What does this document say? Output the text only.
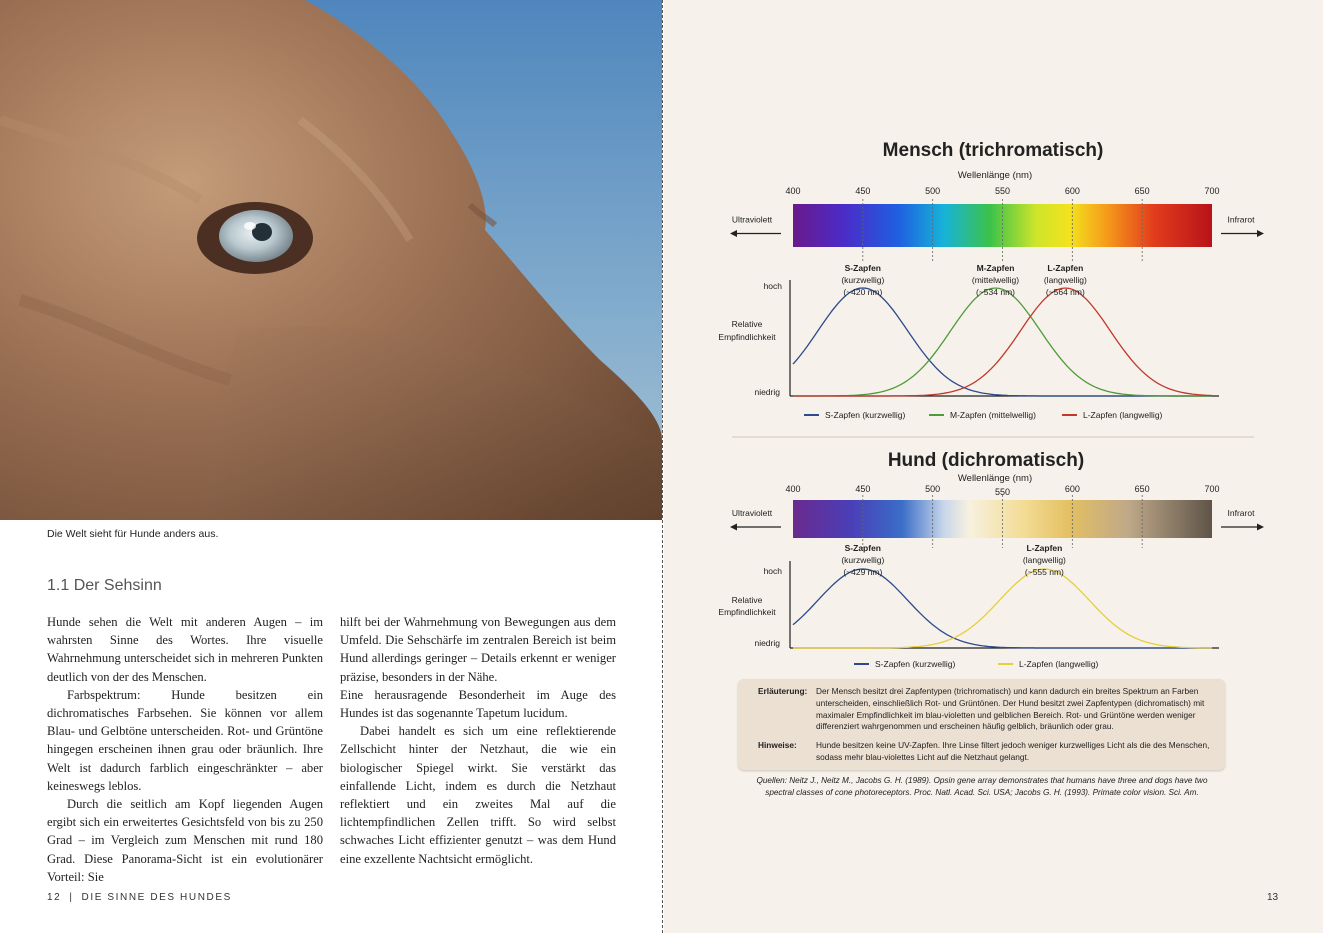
Die Welt sieht für Hunde anders aus.
1.1 Der Sehsinn

Hunde sehen die Welt mit anderen Augen – im wahrsten Sinne des Wortes. Ihre visuelle Wahrnehmung unterscheidet sich in mehreren Punkten deutlich von der des Menschen.

Farbspektrum: Hunde besitzen ein dichromatisches Farbsehen. Sie können vor allem Blau- und Gelbtöne unterscheiden. Rot- und Grüntöne hingegen erscheinen ihnen grau oder bräunlich. Ihre Welt ist dadurch farblich eingeschränkter – aber keineswegs leblos.

Durch die seitlich am Kopf liegenden Augen ergibt sich ein erweitertes Gesichtsfeld von bis zu 250 Grad – im Vergleich zum Menschen mit rund 180 Grad. Diese Panorama-Sicht ist ein evolutionärer Vorteil: Sie

hilft bei der Wahrnehmung von Bewegungen aus dem Umfeld. Die Sehschärfe im zentralen Bereich ist beim Hund allerdings geringer – Details erkennt er weniger präzise, besonders in der Nähe.

Eine herausragende Besonderheit im Auge des Hundes ist das sogenannte Tapetum lucidum.

Dabei handelt es sich um eine reflektierende Zellschicht hinter der Netzhaut, die wie ein biologischer Spiegel wirkt. Sie verstärkt das einfallende Licht, indem es durch die Netzhaut reflektiert und ein zweites Mal auf die lichtempfindlichen Zellen trifft. So wird selbst schwaches Licht effizienter genutzt – was dem Hund eine exzellente Nachtsicht ermöglicht.

12 | DIE SINNE DES HUNDES
Mensch (trichromatisch)
Wellenlänge (nm)
400	450	500	550	600	650	700
Ultraviolett	Infrarot
hoch
Relative
Empfindlichkeit
niedrig
S-Zapfen
(kurzwellig)
(~420 nm)
S-Zapfen (kurzwellig)
M-Zapfen
(mittelwellig)
(~534 nm)
M-Zapfen (mittelwellig)
L-Zapfen
(langwellig)
(~564 nm)
L-Zapfen (langwellig)
Hund (dichromatisch)
Wellenlänge (nm)
400	450	500	550	600	650	700
Ultraviolett	Infrarot
hoch
Relative
Empfindlichkeit
niedrig
S-Zapfen
(kurzwellig)
(~429 nm)
S-Zapfen (kurzwellig)
L-Zapfen
(langwellig)
(~555 nm)
L-Zapfen (langwellig)
Erläuterung:	Der Mensch besitzt drei Zapfentypen (trichromatisch) und kann dadurch ein breites Spektrum an Farben unterscheiden, einschließlich Rot- und Grüntönen. Der Hund besitzt zwei Zapfentypen (dichromatisch) mit maximaler Empfindlichkeit im blau-violetten und gelblichen Bereich. Rot- und Grüntöne werden weniger differenziert wahrgenommen und erscheinen häufig gelblich, bräunlich oder grau.
Hinweise:	Hunde besitzen keine UV-Zapfen. Ihre Linse filtert jedoch weniger kurzwelliges Licht als die des Menschen, sodass mehr blau-violettes Licht auf die Netzhaut gelangt.
Quellen: Neitz J., Neitz M., Jacobs G. H. (1989). Opsin gene array demonstrates that humans have three and dogs have two spectral classes of cone photoreceptors. Proc. Natl. Acad. Sci. USA; Jacobs G. H. (1993). Primate color vision. Sci. Am.
13
